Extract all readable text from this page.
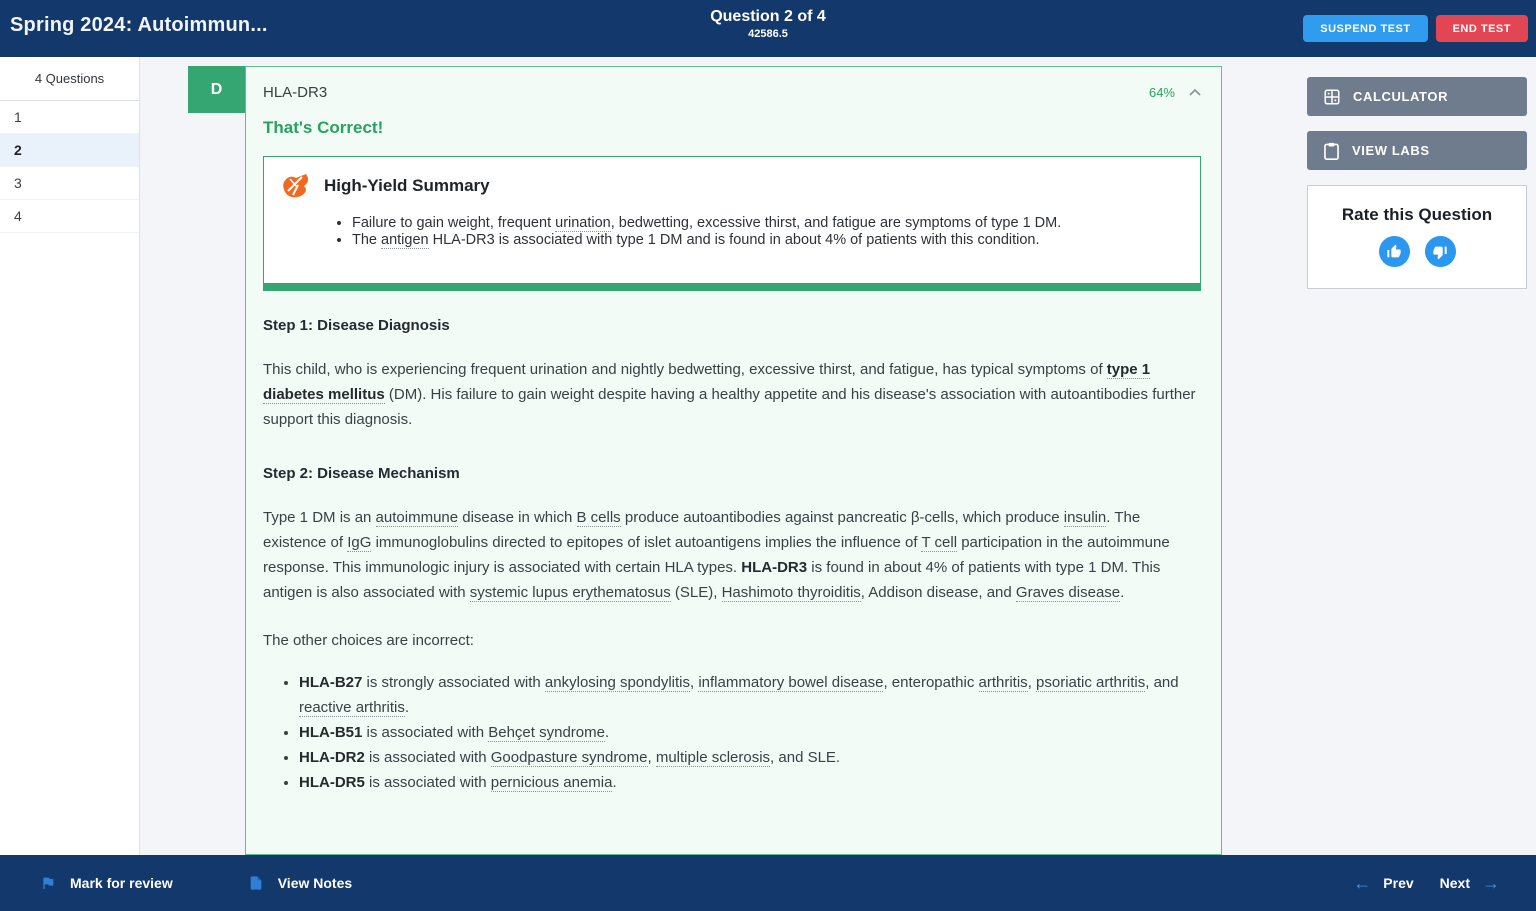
Spring 2024: Autoimmun...	Question 2 of 4
42586.5	SUSPEND TEST	END TEST
4 Questions
1
2
3
4
D	HLA-DR3	64%
That's Correct!
High-Yield Summary
• Failure to gain weight, frequent urination, bedwetting, excessive thirst, and fatigue are symptoms of type 1 DM.
• The antigen HLA-DR3 is associated with type 1 DM and is found in about 4% of patients with this condition.
Step 1: Disease Diagnosis

This child, who is experiencing frequent urination and nightly bedwetting, excessive thirst, and fatigue, has typical symptoms of type 1 diabetes mellitus (DM). His failure to gain weight despite having a healthy appetite and his disease's association with autoantibodies further support this diagnosis.

Step 2: Disease Mechanism

Type 1 DM is an autoimmune disease in which B cells produce autoantibodies against pancreatic β-cells, which produce insulin. The existence of IgG immunoglobulins directed to epitopes of islet autoantigens implies the influence of T cell participation in the autoimmune response. This immunologic injury is associated with certain HLA types. HLA-DR3 is found in about 4% of patients with type 1 DM. This antigen is also associated with systemic lupus erythematosus (SLE), Hashimoto thyroiditis, Addison disease, and Graves disease.

The other choices are incorrect:

• HLA-B27 is strongly associated with ankylosing spondylitis, inflammatory bowel disease, enteropathic arthritis, psoriatic arthritis, and reactive arthritis.
• HLA-B51 is associated with Behçet syndrome.
• HLA-DR2 is associated with Goodpasture syndrome, multiple sclerosis, and SLE.
• HLA-DR5 is associated with pernicious anemia.
CALCULATOR
VIEW LABS
Rate this Question
Mark for review	View Notes	← Prev Next →
